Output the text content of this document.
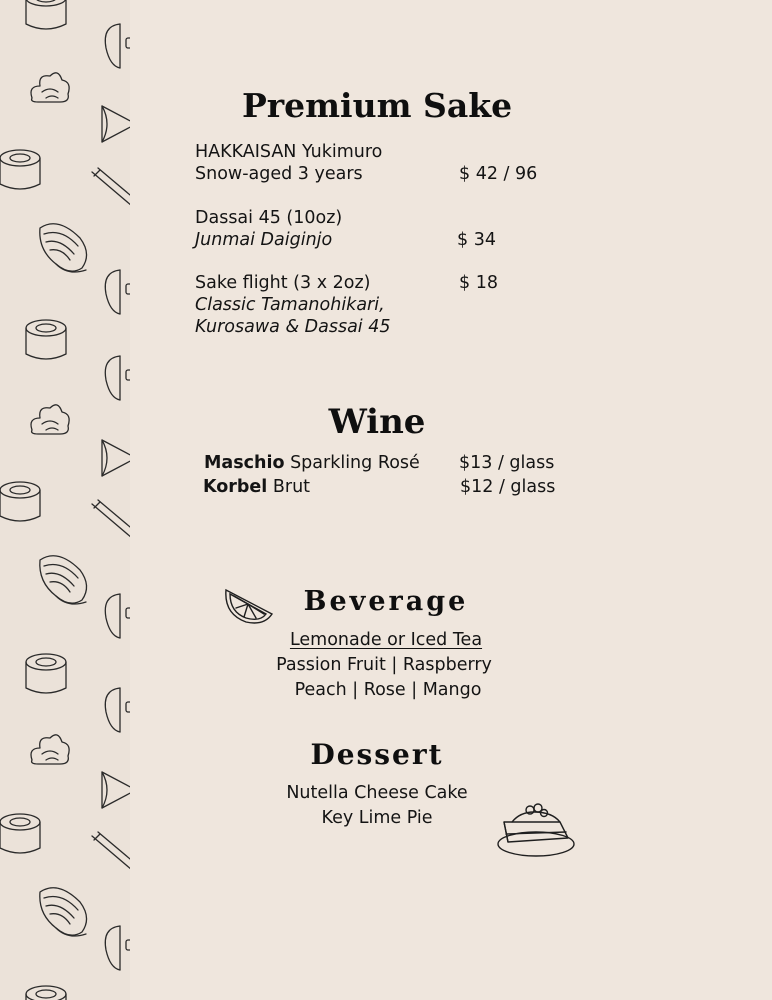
Premium Sake
HAKKAISAN Yukimuro
Snow-aged 3 years	$ 42 / 96
Dassai 45 (10oz)
Junmai Daiginjo	$ 34
Sake flight (3 x 2oz)	$ 18
Classic Tamanohikari,
Kurosawa & Dassai 45
Wine
Maschio Sparkling Rosé $13 / glass
Korbel Brut	$12 / glass
Beverage
Lemonade or Iced Tea
Passion Fruit | Raspberry
Peach | Rose | Mango
Dessert
Nutella Cheese Cake
Key Lime Pie
